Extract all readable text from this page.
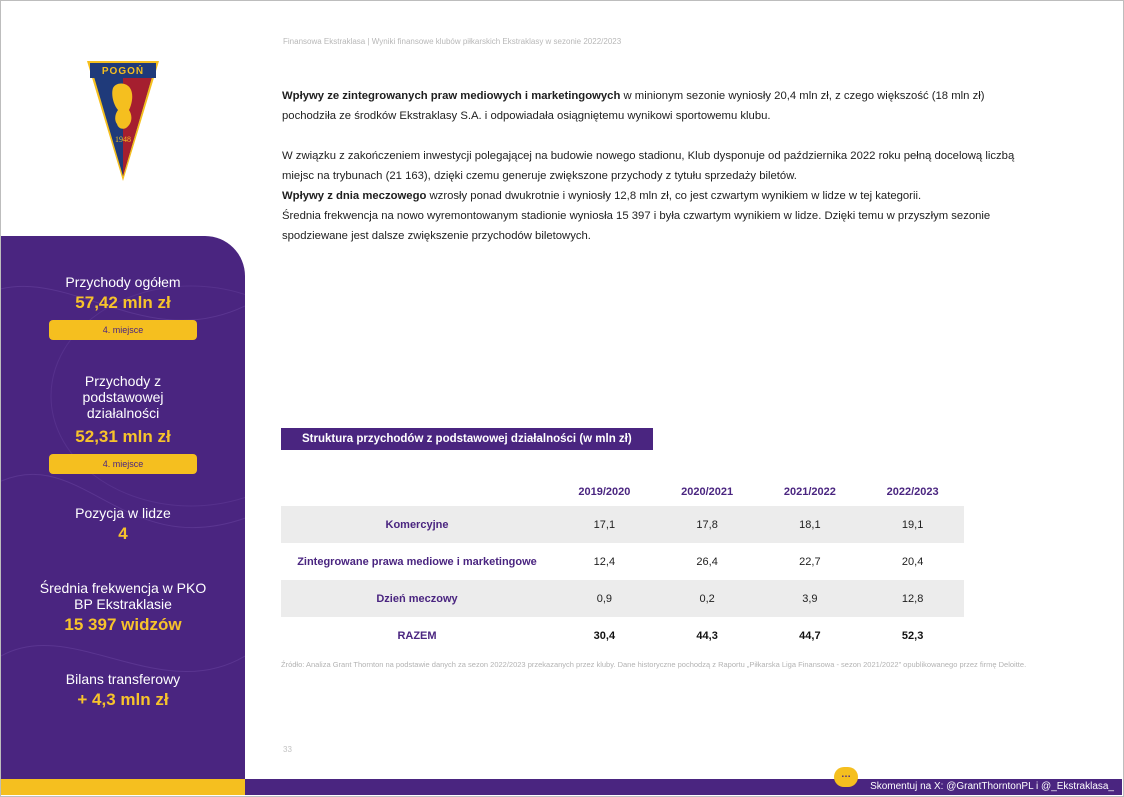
Finansowa Ekstraklasa | Wyniki finansowe klubów piłkarskich Ekstraklasy w sezonie 2022/2023
POGOŃ
1948
Przychody ogółem
57,42 mln zł
4. miejsce
Przychody z podstawowej działalności
52,31 mln zł
4. miejsce
Pozycja w lidze
4
Średnia frekwencja w PKO BP Ekstraklasie
15 397 widzów
Bilans transferowy
+ 4,3 mln zł

Wpływy ze zintegrowanych praw mediowych i marketingowych w minionym sezonie wyniosły 20,4 mln zł, z czego większość (18 mln zł) pochodziła ze środków Ekstraklasy S.A. i odpowiadała osiągniętemu wynikowi sportowemu klubu.

W związku z zakończeniem inwestycji polegającej na budowie nowego stadionu, Klub dysponuje od października 2022 roku pełną docelową liczbą miejsc na trybunach (21 163), dzięki czemu generuje zwiększone przychody z tytułu sprzedaży biletów.

Wpływy z dnia meczowego wzrosły ponad dwukrotnie i wyniosły 12,8 mln zł, co jest czwartym wynikiem w lidze w tej kategorii.

Średnia frekwencja na nowo wyremontowanym stadionie wyniosła 15 397 i była czwartym wynikiem w lidze. Dzięki temu w przyszłym sezonie spodziewane jest dalsze zwiększenie przychodów biletowych.

Struktura przychodów z podstawowej działalności (w mln zł)
	2019/2020	2020/2021	2021/2022	2022/2023
Komercyjne	17,1	17,8	18,1	19,1
Zintegrowane prawa mediowe i marketingowe	12,4	26,4	22,7	20,4
Dzień meczowy	0,9	0,2	3,9	12,8
RAZEM	30,4	44,3	44,7	52,3
Źródło: Analiza Grant Thornton na podstawie danych za sezon 2022/2023 przekazanych przez kluby. Dane historyczne pochodzą z Raportu „Piłkarska Liga Finansowa - sezon 2021/2022” opublikowanego przez firmę Deloitte.
33
…
Skomentuj na X: @GrantThorntonPL i @_Ekstraklasa_
